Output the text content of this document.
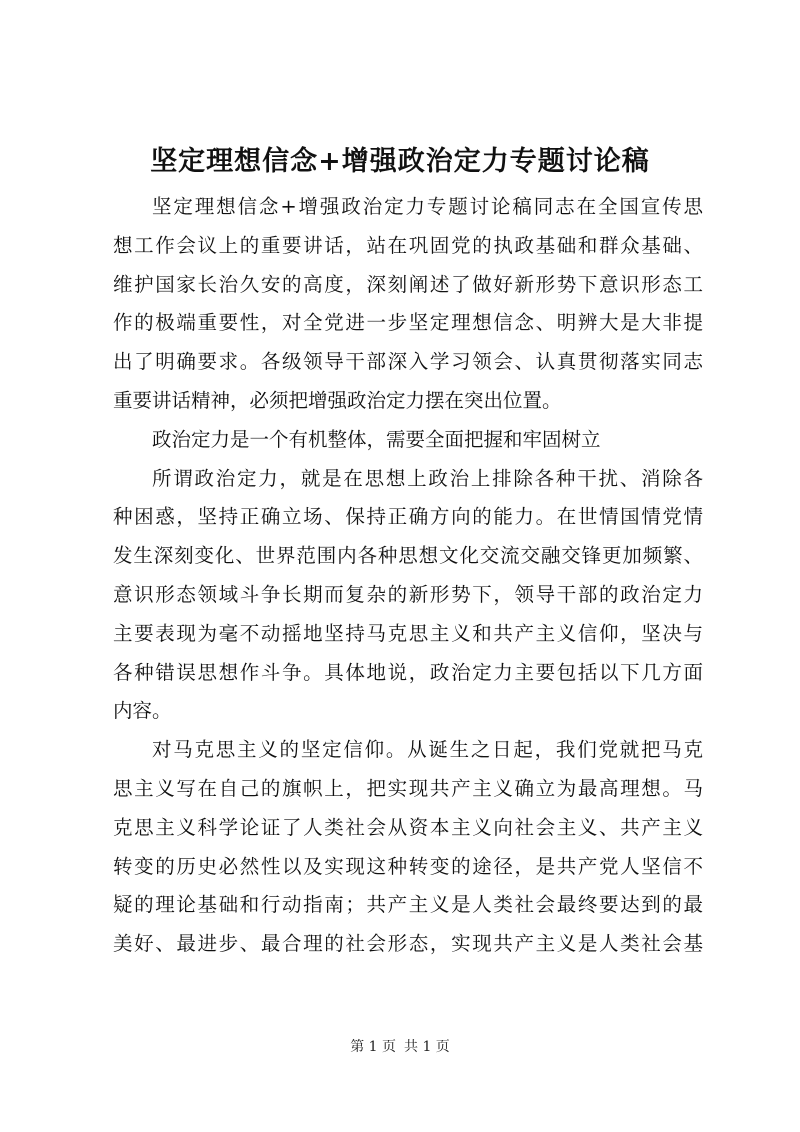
坚定理想信念+增强政治定力专题讨论稿
坚定理想信念+增强政治定力专题讨论稿同志在全国宣传思
想工作会议上的重要讲话，站在巩固党的执政基础和群众基础、
维护国家长治久安的高度，深刻阐述了做好新形势下意识形态工
作的极端重要性，对全党进一步坚定理想信念、明辨大是大非提
出了明确要求。各级领导干部深入学习领会、认真贯彻落实同志
重要讲话精神，必须把增强政治定力摆在突出位置。
政治定力是一个有机整体，需要全面把握和牢固树立
所谓政治定力，就是在思想上政治上排除各种干扰、消除各
种困惑，坚持正确立场、保持正确方向的能力。在世情国情党情
发生深刻变化、世界范围内各种思想文化交流交融交锋更加频繁、
意识形态领域斗争长期而复杂的新形势下，领导干部的政治定力
主要表现为毫不动摇地坚持马克思主义和共产主义信仰，坚决与
各种错误思想作斗争。具体地说，政治定力主要包括以下几方面
内容。
对马克思主义的坚定信仰。从诞生之日起，我们党就把马克
思主义写在自己的旗帜上，把实现共产主义确立为最高理想。马
克思主义科学论证了人类社会从资本主义向社会主义、共产主义
转变的历史必然性以及实现这种转变的途径，是共产党人坚信不
疑的理论基础和行动指南；共产主义是人类社会最终要达到的最
美好、最进步、最合理的社会形态，实现共产主义是人类社会基
第 1 页 共 1 页
